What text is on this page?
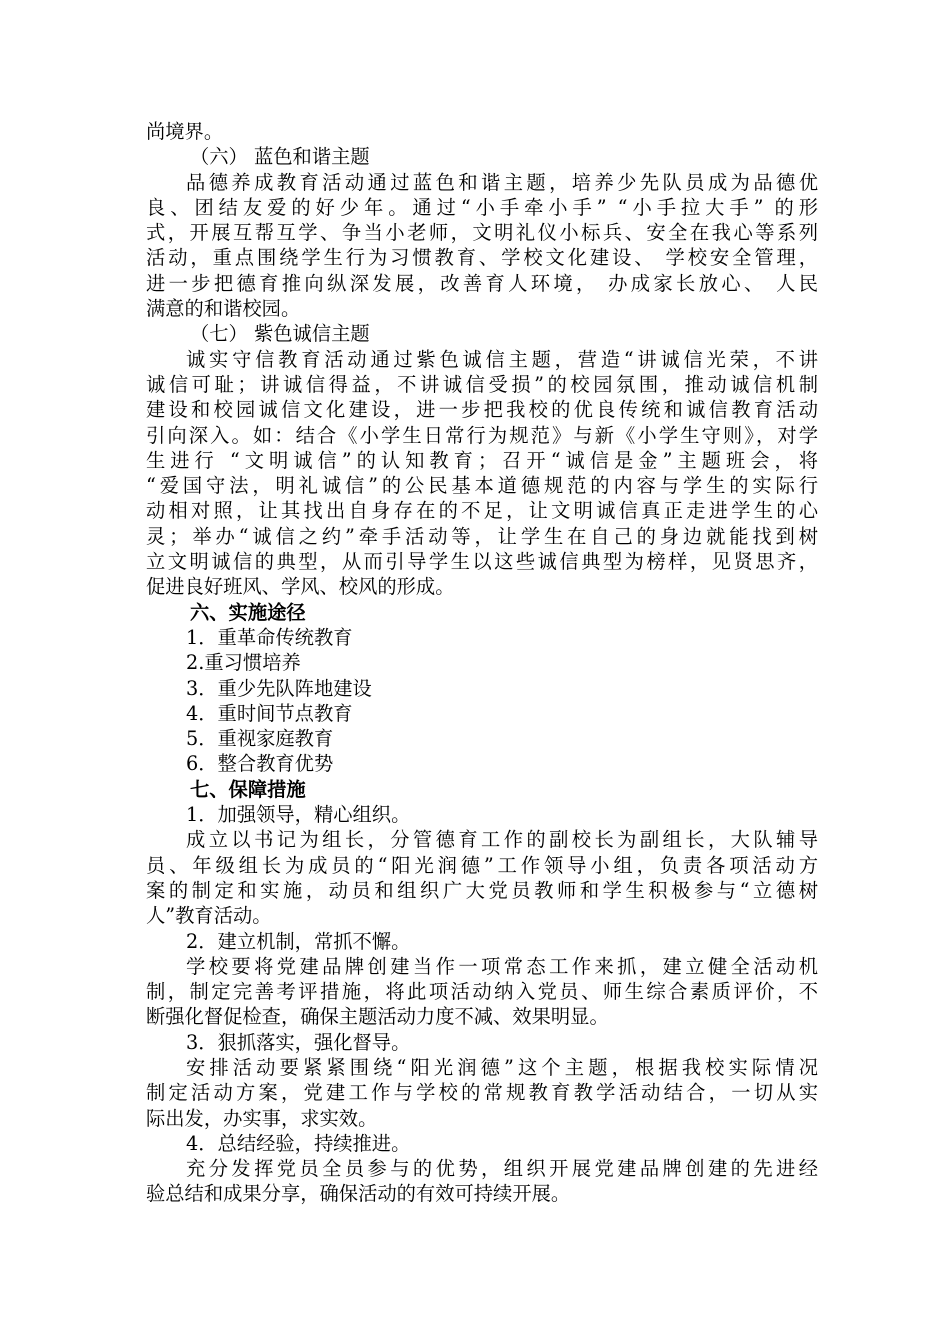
尚境界。
（六） 蓝色和谐主题
品德养成教育活动通过蓝色和谐主题，培养少先队员成为品德优
良、团结友爱的好少年。通过“小手牵小手” “小手拉大手” 的形
式，开展互帮互学、争当小老师，文明礼仪小标兵、安全在我心等系列
活动，重点围绕学生行为习惯教育、学校文化建设、 学校安全管理，
进一步把德育推向纵深发展，改善育人环境， 办成家长放心、 人民
满意的和谐校园。
（七） 紫色诚信主题
诚实守信教育活动通过紫色诚信主题，营造“讲诚信光荣，不讲
诚信可耻；讲诚信得益，不讲诚信受损”的校园氛围，推动诚信机制
建设和校园诚信文化建设，进一步把我校的优良传统和诚信教育活动
引向深入。如：结合《小学生日常行为规范》与新《小学生守则》，对学
生进行 “文明诚信”的认知教育；召开“诚信是金”主题班会，将
“爱国守法，明礼诚信”的公民基本道德规范的内容与学生的实际行
动相对照，让其找出自身存在的不足，让文明诚信真正走进学生的心
灵；举办“诚信之约”牵手活动等，让学生在自己的身边就能找到树
立文明诚信的典型，从而引导学生以这些诚信典型为榜样，见贤思齐，
促进良好班风、学风、校风的形成。
六、实施途径
1．重革命传统教育
2.重习惯培养
3．重少先队阵地建设
4．重时间节点教育
5．重视家庭教育
6．整合教育优势
七、保障措施
1．加强领导，精心组织。
成立以书记为组长，分管德育工作的副校长为副组长，大队辅导
员、年级组长为成员的“阳光润德”工作领导小组，负责各项活动方
案的制定和实施，动员和组织广大党员教师和学生积极参与“立德树
人”教育活动。
2．建立机制，常抓不懈。
学校要将党建品牌创建当作一项常态工作来抓，建立健全活动机
制，制定完善考评措施，将此项活动纳入党员、师生综合素质评价，不
断强化督促检查，确保主题活动力度不减、效果明显。
3．狠抓落实，强化督导。
安排活动要紧紧围绕“阳光润德”这个主题，根据我校实际情况
制定活动方案，党建工作与学校的常规教育教学活动结合，一切从实
际出发，办实事，求实效。
4．总结经验，持续推进。
充分发挥党员全员参与的优势，组织开展党建品牌创建的先进经
验总结和成果分享，确保活动的有效可持续开展。
